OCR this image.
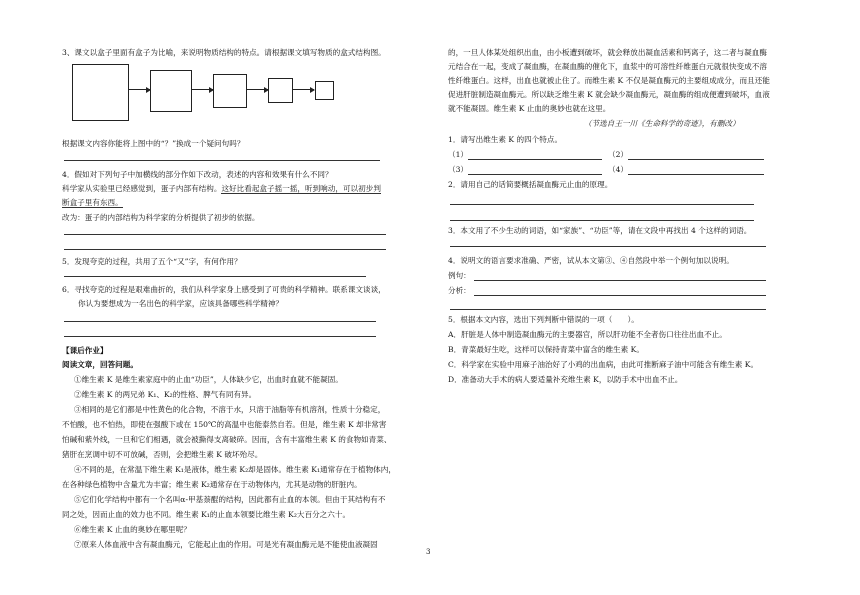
3、课文以盒子里面有盒子为比喻，来说明物质结构的特点。请根据课文填写物质的盒式结构图。
根据课文内容你能将上图中的“？”换成一个疑问句吗？
4．假如对下列句子中加横线的部分作如下改动，表述的内容和效果有什么不同？
科学家从实验里已经感觉到，蛋子内部有结构。这好比看起盒子摇一摇，听到响动，可以初步判
断盒子里有东西。
改为：蛋子的内部结构为科学家的分析提供了初步的依据。
5．发现夸克的过程，共用了五个“又”字，有何作用？
6．寻找夸克的过程是艰难曲折的，我们从科学家身上感受到了可贵的科学精神。联系课文谈谈，
你认为要想成为一名出色的科学家，应该具备哪些科学精神？
【课后作业】
阅读文章，回答问题。
①维生素 K 是维生素家庭中的止血“功臣”，人体缺少它，出血时血就不能凝固。
②维生素 K 的两兄弟 K₁、K₂的性格、脾气有同有异。
③相同的是它们都是中性黄色的化合物，不溶于水，只溶于油脂等有机溶剂，性质十分稳定，
不怕酸，也不怕热，即使在强酸下或在 150℃的高温中也能泰然自若。但是，维生素 K 却非常害
怕碱和紫外线，一旦和它们相遇，就会被撕得支离破碎。因而，含有丰富维生素 K 的食物如青菜、
猪肝在烹调中切不可放碱，否则，会把维生素 K 破坏殆尽。
④不同的是，在常温下维生素 K₁是液体，维生素 K₂却是固体。维生素 K₁通常存在于植物体内，
在各种绿色植物中含量尤为丰富；维生素 K₂通常存在于动物体内，尤其是动物的肝脏内。
⑤它们化学结构中都有一个名叫α-甲基萘醌的结构，因此都有止血的本领。但由于其结构有不
同之处，因而止血的效力也不同。维生素 K₁的止血本领要比维生素 K₂大百分之六十。
⑥维生素 K 止血的奥妙在哪里呢？
⑦原来人体血液中含有凝血酶元，它能起止血的作用。可是光有凝血酶元是不能使血液凝固
的，一旦人体某处组织出血，由小板遭到破坏，就会释放出凝血活素和钙离子，这二者与凝血酶
元结合在一起，变成了凝血酶，在凝血酶的催化下，血浆中的可溶性纤维蛋白元就很快变成不溶
性纤维蛋白。这样，出血也就被止住了。而维生素 K 不仅是凝血酶元的主要组成成分，而且还能
促进肝脏制造凝血酶元。所以缺乏维生素 K 就会缺少凝血酶元，凝血酶的组成便遭到破坏，血液
就不能凝固。维生素 K 止血的奥妙也就在这里。
（节选自王一川《生命科学的奇迹》，有删改）
1．请写出维生素 K 的四个特点。
（1）	（2）
（3）	（4）
2．请用自己的话简要概括凝血酶元止血的原理。
3．本文用了不少生动的词语，如“家族”、“功臣”等，请在文段中再找出 4 个这样的词语。
4．说明文的语言要求准确、严密，试从本文第③、④自然段中举一个例句加以说明。
例句：
分析：
5．根据本文内容，选出下列判断中错误的一项（　　）。
A．肝脏是人体中制造凝血酶元的主要器官，所以肝功能不全者伤口往往出血不止。
B．青菜最好生吃，这样可以保持青菜中富含的维生素 K。
C．科学家在实验中用麻子油治好了小鸡的出血病，由此可推断麻子油中可能含有维生素 K。
D．准备动大手术的病人要适量补充维生素 K，以防手术中出血不止。
3
